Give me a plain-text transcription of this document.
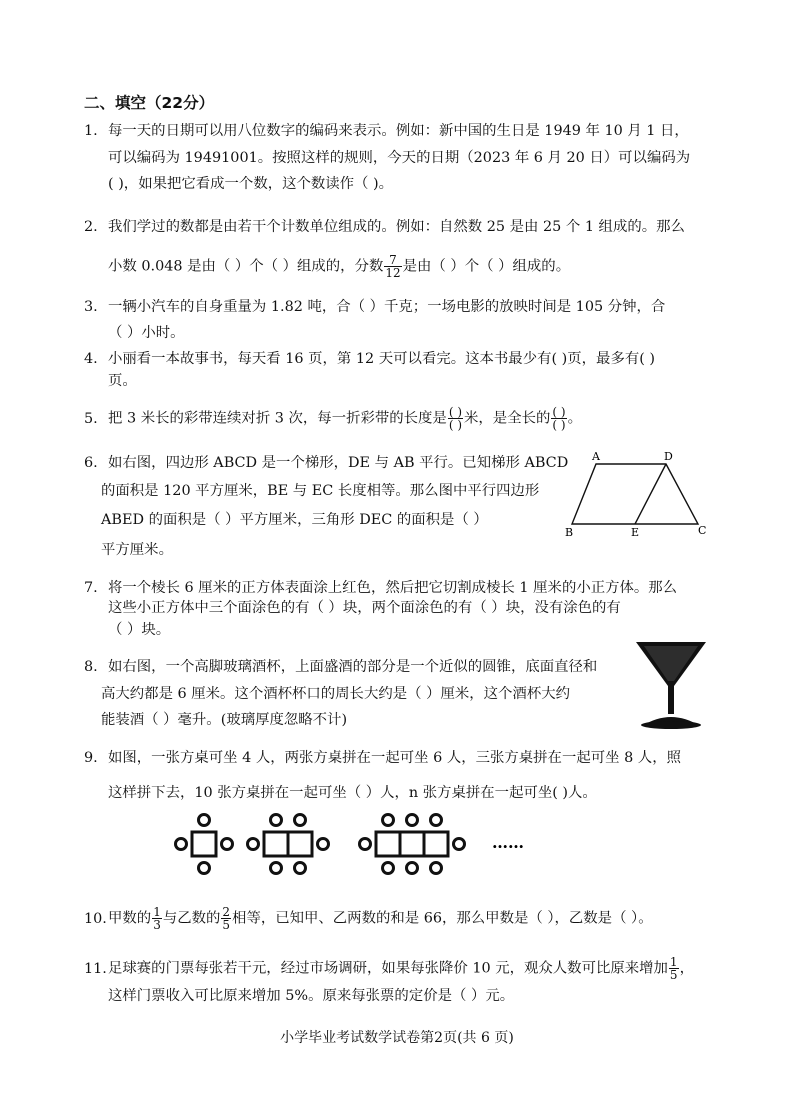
二、填空（22分）
1. 每一天的日期可以用八位数字的编码来表示。例如：新中国的生日是 1949 年 10 月 1 日，
可以编码为 19491001。按照这样的规则，今天的日期（2023 年 6 月 20 日）可以编码为
( )，如果把它看成一个数，这个数读作（ )。
2. 我们学过的数都是由若干个计数单位组成的。例如：自然数 25 是由 25 个 1 组成的。那么
小数 0.048 是由（ ）个（ ）组成的，分数 $\frac{7}{12}$ 是由（ ）个（ ）组成的。
3. 一辆小汽车的自身重量为 1.82 吨，合（ ）千克；一场电影的放映时间是 105 分钟，合
（ ）小时。
4. 小丽看一本故事书，每天看 16 页，第 12 天可以看完。这本书最少有( )页，最多有( )
页。
5. 把 3 米长的彩带连续对折 3 次，每一折彩带的长度是 $\frac{( )}{( )}$ 米，是全长的 $\frac{( )}{( )}$ 。
6. 如右图，四边形 ABCD 是一个梯形，DE 与 AB 平行。已知梯形 ABCD
的面积是 120 平方厘米，BE 与 EC 长度相等。那么图中平行四边形
ABED 的面积是（ ）平方厘米，三角形 DEC 的面积是（ ）
平方厘米。
A	D
B	E	C
7. 将一个棱长 6 厘米的正方体表面涂上红色，然后把它切割成棱长 1 厘米的小正方体。那么
这些小正方体中三个面涂色的有（ ）块，两个面涂色的有（ ）块，没有涂色的有
（ ）块。
8. 如右图，一个高脚玻璃酒杯，上面盛酒的部分是一个近似的圆锥，底面直径和
高大约都是 6 厘米。这个酒杯杯口的周长大约是（ ）厘米，这个酒杯大约
能装酒（ ）毫升。(玻璃厚度忽略不计)
9. 如图，一张方桌可坐 4 人，两张方桌拼在一起可坐 6 人，三张方桌拼在一起可坐 8 人，照
这样拼下去，10 张方桌拼在一起可坐（ ）人，n 张方桌拼在一起可坐( )人。
……
10.甲数的 $\frac{1}{3}$ 与乙数的 $\frac{2}{5}$ 相等，已知甲、乙两数的和是 66，那么甲数是（ ），乙数是（ ）。
11.足球赛的门票每张若干元，经过市场调研，如果每张降价 10 元，观众人数可比原来增加 $\frac{1}{5}$ ，
这样门票收入可比原来增加 5%。原来每张票的定价是（ ）元。
小学毕业考试数学试卷第2页(共 6 页)
